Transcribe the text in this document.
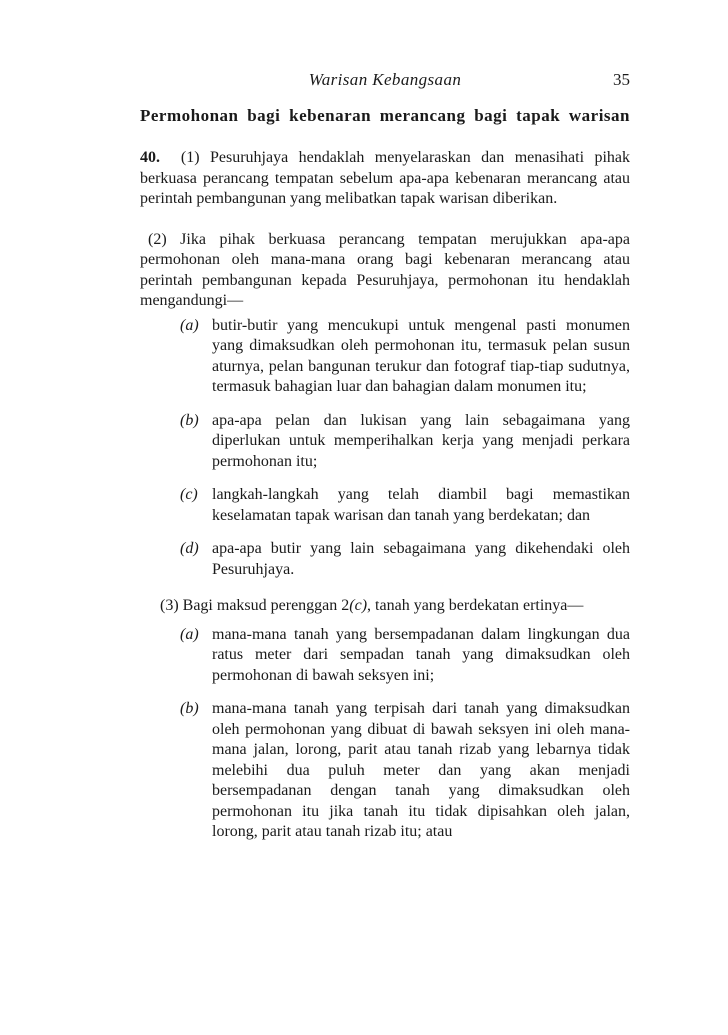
Warisan Kebangsaan	35
Permohonan bagi kebenaran merancang bagi tapak warisan

40. (1) Pesuruhjaya hendaklah menyelaraskan dan menasihati pihak berkuasa perancang tempatan sebelum apa-apa kebenaran merancang atau perintah pembangunan yang melibatkan tapak warisan diberikan.

(2) Jika pihak berkuasa perancang tempatan merujukkan apa-apa permohonan oleh mana-mana orang bagi kebenaran merancang atau perintah pembangunan kepada Pesuruhjaya, permohonan itu hendaklah mengandungi—

(a) butir-butir yang mencukupi untuk mengenal pasti monumen yang dimaksudkan oleh permohonan itu, termasuk pelan susun aturnya, pelan bangunan terukur dan fotograf tiap-tiap sudutnya, termasuk bahagian luar dan bahagian dalam monumen itu;
(b) apa-apa pelan dan lukisan yang lain sebagaimana yang diperlukan untuk memperihalkan kerja yang menjadi perkara permohonan itu;
(c) langkah-langkah yang telah diambil bagi memastikan keselamatan tapak warisan dan tanah yang berdekatan; dan
(d) apa-apa butir yang lain sebagaimana yang dikehendaki oleh Pesuruhjaya.

(3) Bagi maksud perenggan 2(c), tanah yang berdekatan ertinya—

(a) mana-mana tanah yang bersempadanan dalam lingkungan dua ratus meter dari sempadan tanah yang dimaksudkan oleh permohonan di bawah seksyen ini;
(b) mana-mana tanah yang terpisah dari tanah yang dimaksudkan oleh permohonan yang dibuat di bawah seksyen ini oleh mana-mana jalan, lorong, parit atau tanah rizab yang lebarnya tidak melebihi dua puluh meter dan yang akan menjadi bersempadanan dengan tanah yang dimaksudkan oleh permohonan itu jika tanah itu tidak dipisahkan oleh jalan, lorong, parit atau tanah rizab itu; atau
